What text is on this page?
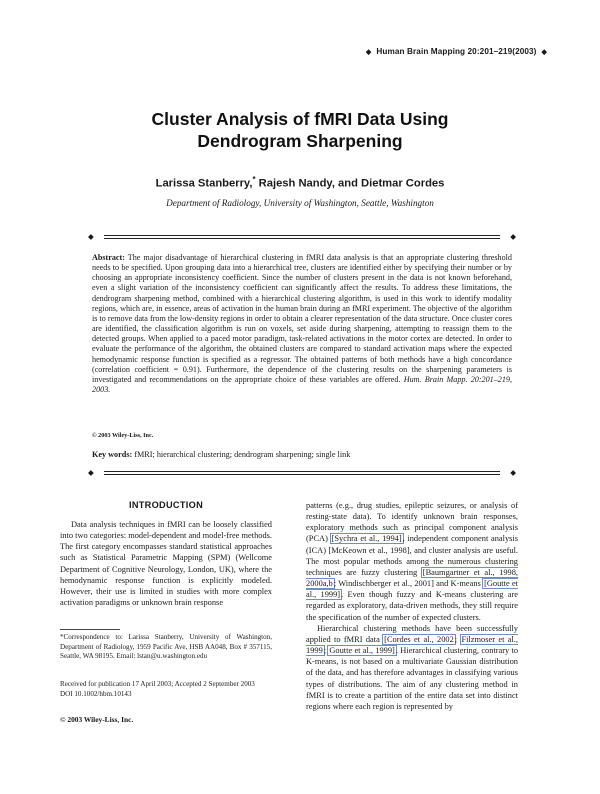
◆ Human Brain Mapping 20:201–219(2003) ◆
Cluster Analysis of fMRI Data Using
Dendrogram Sharpening
Larissa Stanberry,* Rajesh Nandy, and Dietmar Cordes
Department of Radiology, University of Washington, Seattle, Washington
◆	◆
Abstract: The major disadvantage of hierarchical clustering in fMRI data analysis is that an appropriate clustering threshold needs to be specified. Upon grouping data into a hierarchical tree, clusters are identified either by specifying their number or by choosing an appropriate inconsistency coefficient. Since the number of clusters present in the data is not known beforehand, even a slight variation of the inconsistency coefficient can significantly affect the results. To address these limitations, the dendrogram sharpening method, combined with a hierarchical clustering algorithm, is used in this work to identify modality regions, which are, in essence, areas of activation in the human brain during an fMRI experiment. The objective of the algorithm is to remove data from the low-density regions in order to obtain a clearer representation of the data structure. Once cluster cores are identified, the classification algorithm is run on voxels, set aside during sharpening, attempting to reassign them to the detected groups. When applied to a paced motor paradigm, task-related activations in the motor cortex are detected. In order to evaluate the performance of the algorithm, the obtained clusters are compared to standard activation maps where the expected hemodynamic response function is specified as a regressor. The obtained patterns of both methods have a high concordance (correlation coefficient = 0.91). Furthermore, the dependence of the clustering results on the sharpening parameters is investigated and recommendations on the appropriate choice of these variables are offered. Hum. Brain Mapp. 20:201–219, 2003.
© 2003 Wiley-Liss, Inc.
Key words: fMRI; hierarchical clustering; dendrogram sharpening; single link
◆	◆
INTRODUCTION

Data analysis techniques in fMRI can be loosely classified into two categories: model-dependent and model-free methods. The first category encompasses standard statistical approaches such as Statistical Parametric Mapping (SPM) (Wellcome Department of Cognitive Neurology, London, UK), where the hemodynamic response function is explicitly modeled. However, their use is limited in studies with more complex activation paradigms or unknown brain response

patterns (e.g., drug studies, epileptic seizures, or analysis of resting-state data). To identify unknown brain responses, exploratory methods such as principal component analysis (PCA) [Sychra et al., 1994], independent component analysis (ICA) [McKeown et al., 1998], and cluster analysis are useful. The most popular methods among the numerous clustering techniques are fuzzy clustering [Baumgartner et al., 1998, 2000a,b; Windischberger et al., 2001] and K-means [Goutte et al., 1999]. Even though fuzzy and K-means clustering are regarded as exploratory, data-driven methods, they still require the specification of the number of expected clusters.

Hierarchical clustering methods have been successfully applied to fMRI data [Cordes et al., 2002; Filzmoser et al., 1999; Goutte et al., 1999]. Hierarchical clustering, contrary to K-means, is not based on a multivariate Gaussian distribution of the data, and has therefore advantages in classifying various types of distributions. The aim of any clustering method in fMRI is to create a partition of the entire data set into distinct regions where each region is represented by

*Correspondence to: Larissa Stanberry, University of Washington, Department of Radiology, 1959 Pacific Ave, HSB AA048, Box # 357115, Seattle, WA 98195. Email: lstan@u.washington.edu
Received for publication 17 April 2003; Accepted 2 September 2003
DOI 10.1002/hbm.10143
© 2003 Wiley-Liss, Inc.
